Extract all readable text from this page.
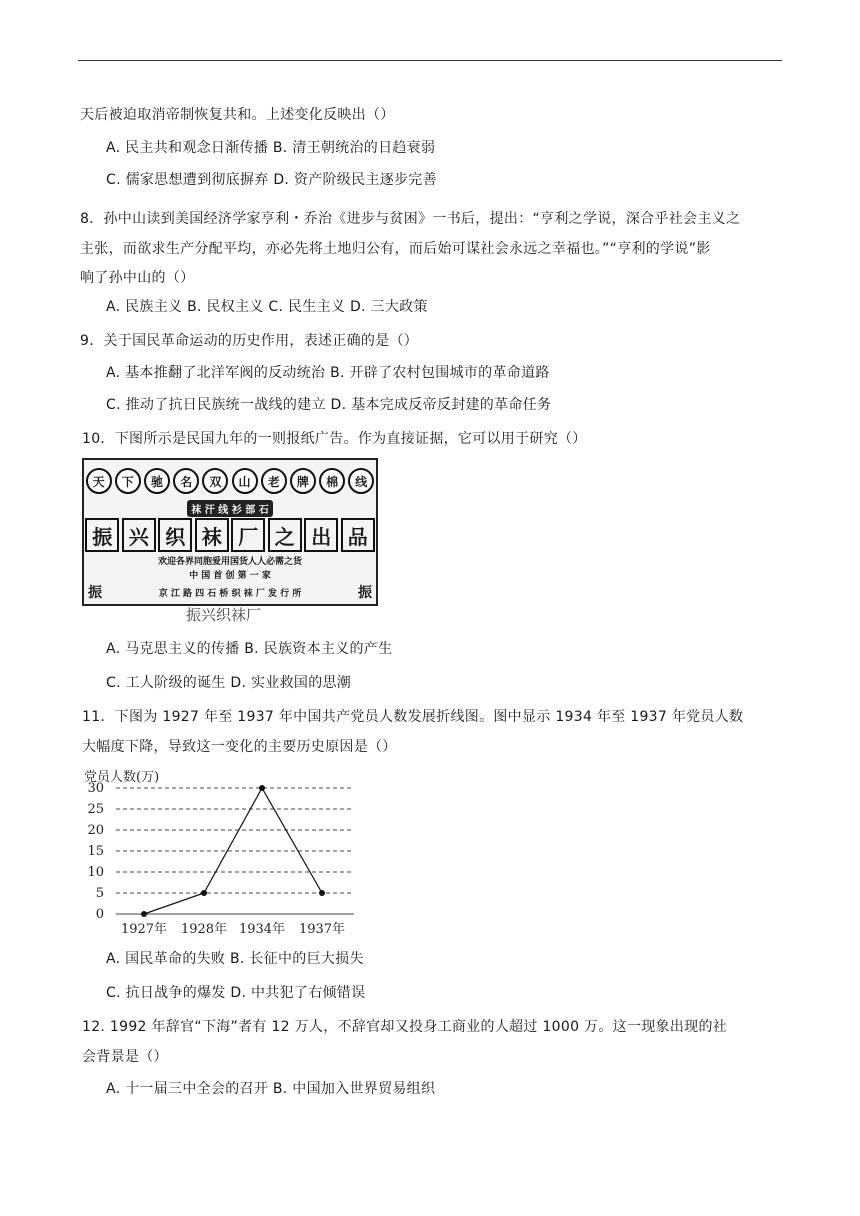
天后被迫取消帝制恢复共和。上述变化反映出（）
A. 民主共和观念日渐传播 B. 清王朝统治的日趋衰弱
C. 儒家思想遭到彻底摒弃 D. 资产阶级民主逐步完善
8．孙中山读到美国经济学家亨利・乔治《进步与贫困》一书后，提出：“亨利之学说，深合乎社会主义之
主张，而欲求生产分配平均，亦必先将土地归公有，而后始可谋社会永远之幸福也。”“亨利的学说”影
响了孙中山的（）
A. 民族主义 B. 民权主义 C. 民生主义 D. 三大政策
9．关于国民革命运动的历史作用，表述正确的是（）
A. 基本推翻了北洋军阀的反动统治 B. 开辟了农村包围城市的革命道路
C. 推动了抗日民族统一战线的建立 D. 基本完成反帝反封建的革命任务
10．下图所示是民国九年的一则报纸广告。作为直接证据，它可以用于研究（）
天	下	驰	名	双	山	老	牌	棉	线
袜 汗 线 衫 部 石
振 兴 织 袜 厂 之 出 品
欢迎各界同胞爱用国货人人必需之货
中 国 首 创 第 一 家
振	京 江 路 四 石 桥 织 袜 厂 发 行 所	振
振兴织袜厂
A. 马克思主义的传播 B. 民族资本主义的产生
C. 工人阶级的诞生 D. 实业救国的思潮
11．下图为 1927 年至 1937 年中国共产党员人数发展折线图。图中显示 1934 年至 1937 年党员人数
大幅度下降，导致这一变化的主要历史原因是（）
0
5
10
15
20
25
30
1927年 1928年 1934年 1937年
党员人数(万)
A. 国民革命的失败 B. 长征中的巨大损失
C. 抗日战争的爆发 D. 中共犯了右倾错误
12. 1992 年辞官“下海”者有 12 万人，不辞官却又投身工商业的人超过 1000 万。这一现象出现的社
会背景是（）
A. 十一届三中全会的召开 B. 中国加入世界贸易组织
